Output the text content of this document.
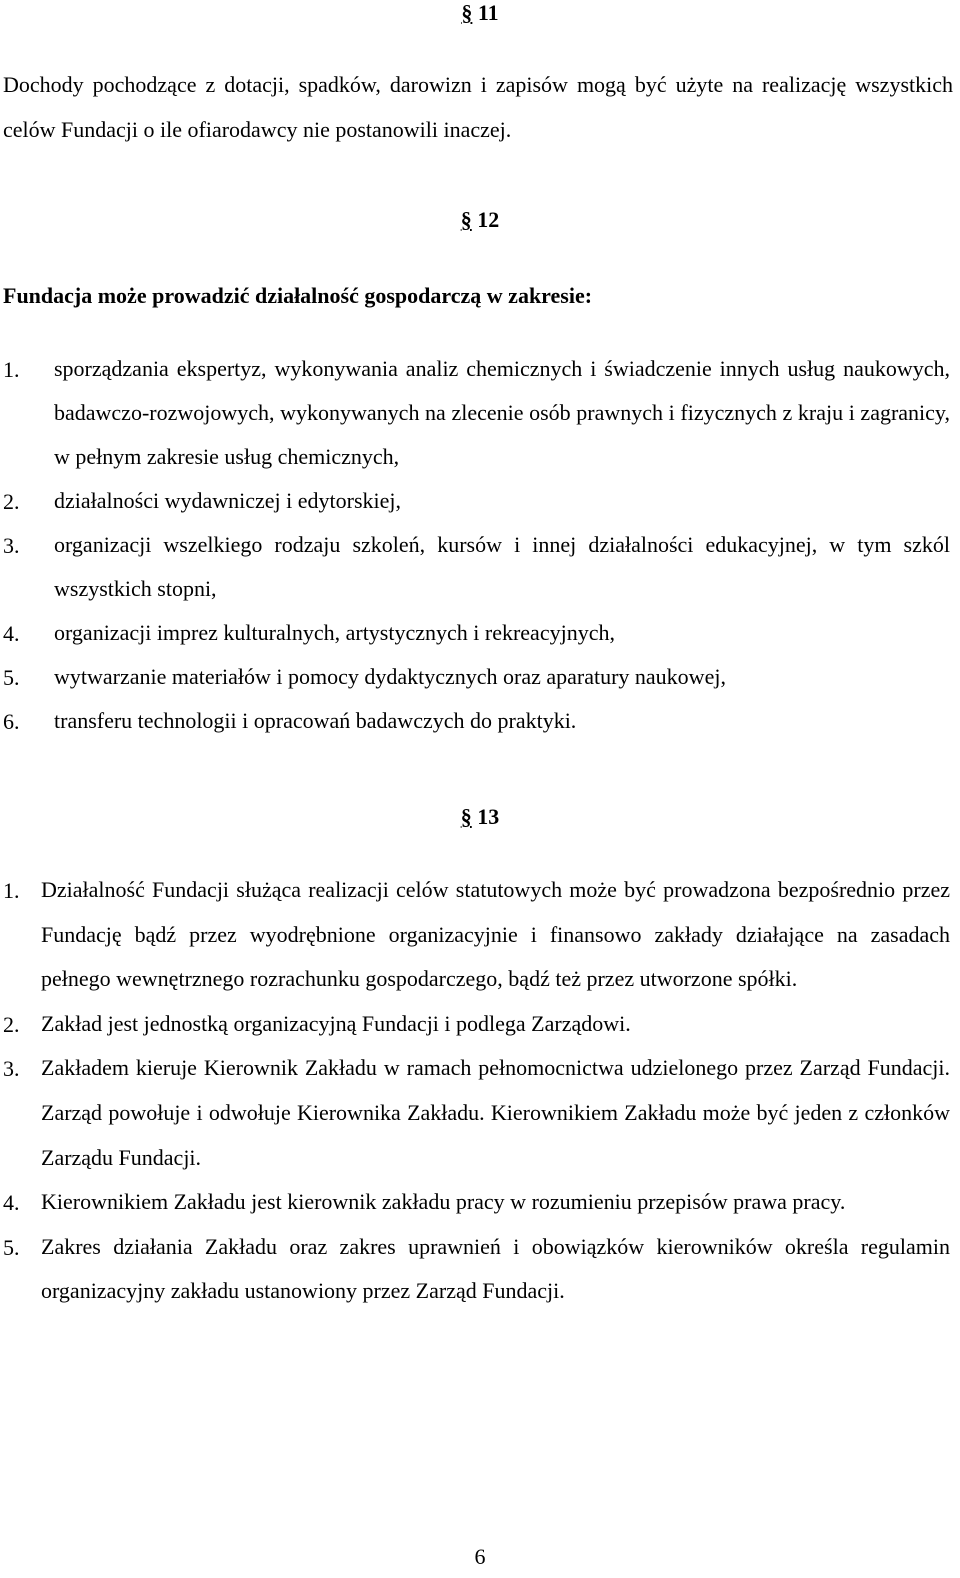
§ 11
Dochody pochodzące z dotacji, spadków, darowizn i zapisów mogą być użyte na realizację wszystkich celów Fundacji o ile ofiarodawcy nie postanowili inaczej.
§ 12
Fundacja może prowadzić działalność gospodarczą w zakresie:
1. sporządzania ekspertyz, wykonywania analiz chemicznych i świadczenie innych usług naukowych, badawczo-rozwojowych, wykonywanych na zlecenie osób prawnych i fizycznych z kraju i zagranicy, w pełnym zakresie usług chemicznych,
2. działalności wydawniczej i edytorskiej,
3. organizacji wszelkiego rodzaju szkoleń, kursów i innej działalności edukacyjnej, w tym szkól wszystkich stopni,
4. organizacji imprez kulturalnych, artystycznych i rekreacyjnych,
5. wytwarzanie materiałów i pomocy dydaktycznych oraz aparatury naukowej,
6. transferu technologii i opracowań badawczych do praktyki.
§ 13
1. Działalność Fundacji służąca realizacji celów statutowych może być prowadzona bezpośrednio przez Fundację bądź przez wyodrębnione organizacyjnie i finansowo zakłady działające na zasadach pełnego wewnętrznego rozrachunku gospodarczego, bądź też przez utworzone spółki.
2. Zakład jest jednostką organizacyjną Fundacji i podlega Zarządowi.
3. Zakładem kieruje Kierownik Zakładu w ramach pełnomocnictwa udzielonego przez Zarząd Fundacji. Zarząd powołuje i odwołuje Kierownika Zakładu. Kierownikiem Zakładu może być jeden z członków Zarządu Fundacji.
4. Kierownikiem Zakładu jest kierownik zakładu pracy w rozumieniu przepisów prawa pracy.
5. Zakres działania Zakładu oraz zakres uprawnień i obowiązków kierowników określa regulamin organizacyjny zakładu ustanowiony przez Zarząd Fundacji.
6
